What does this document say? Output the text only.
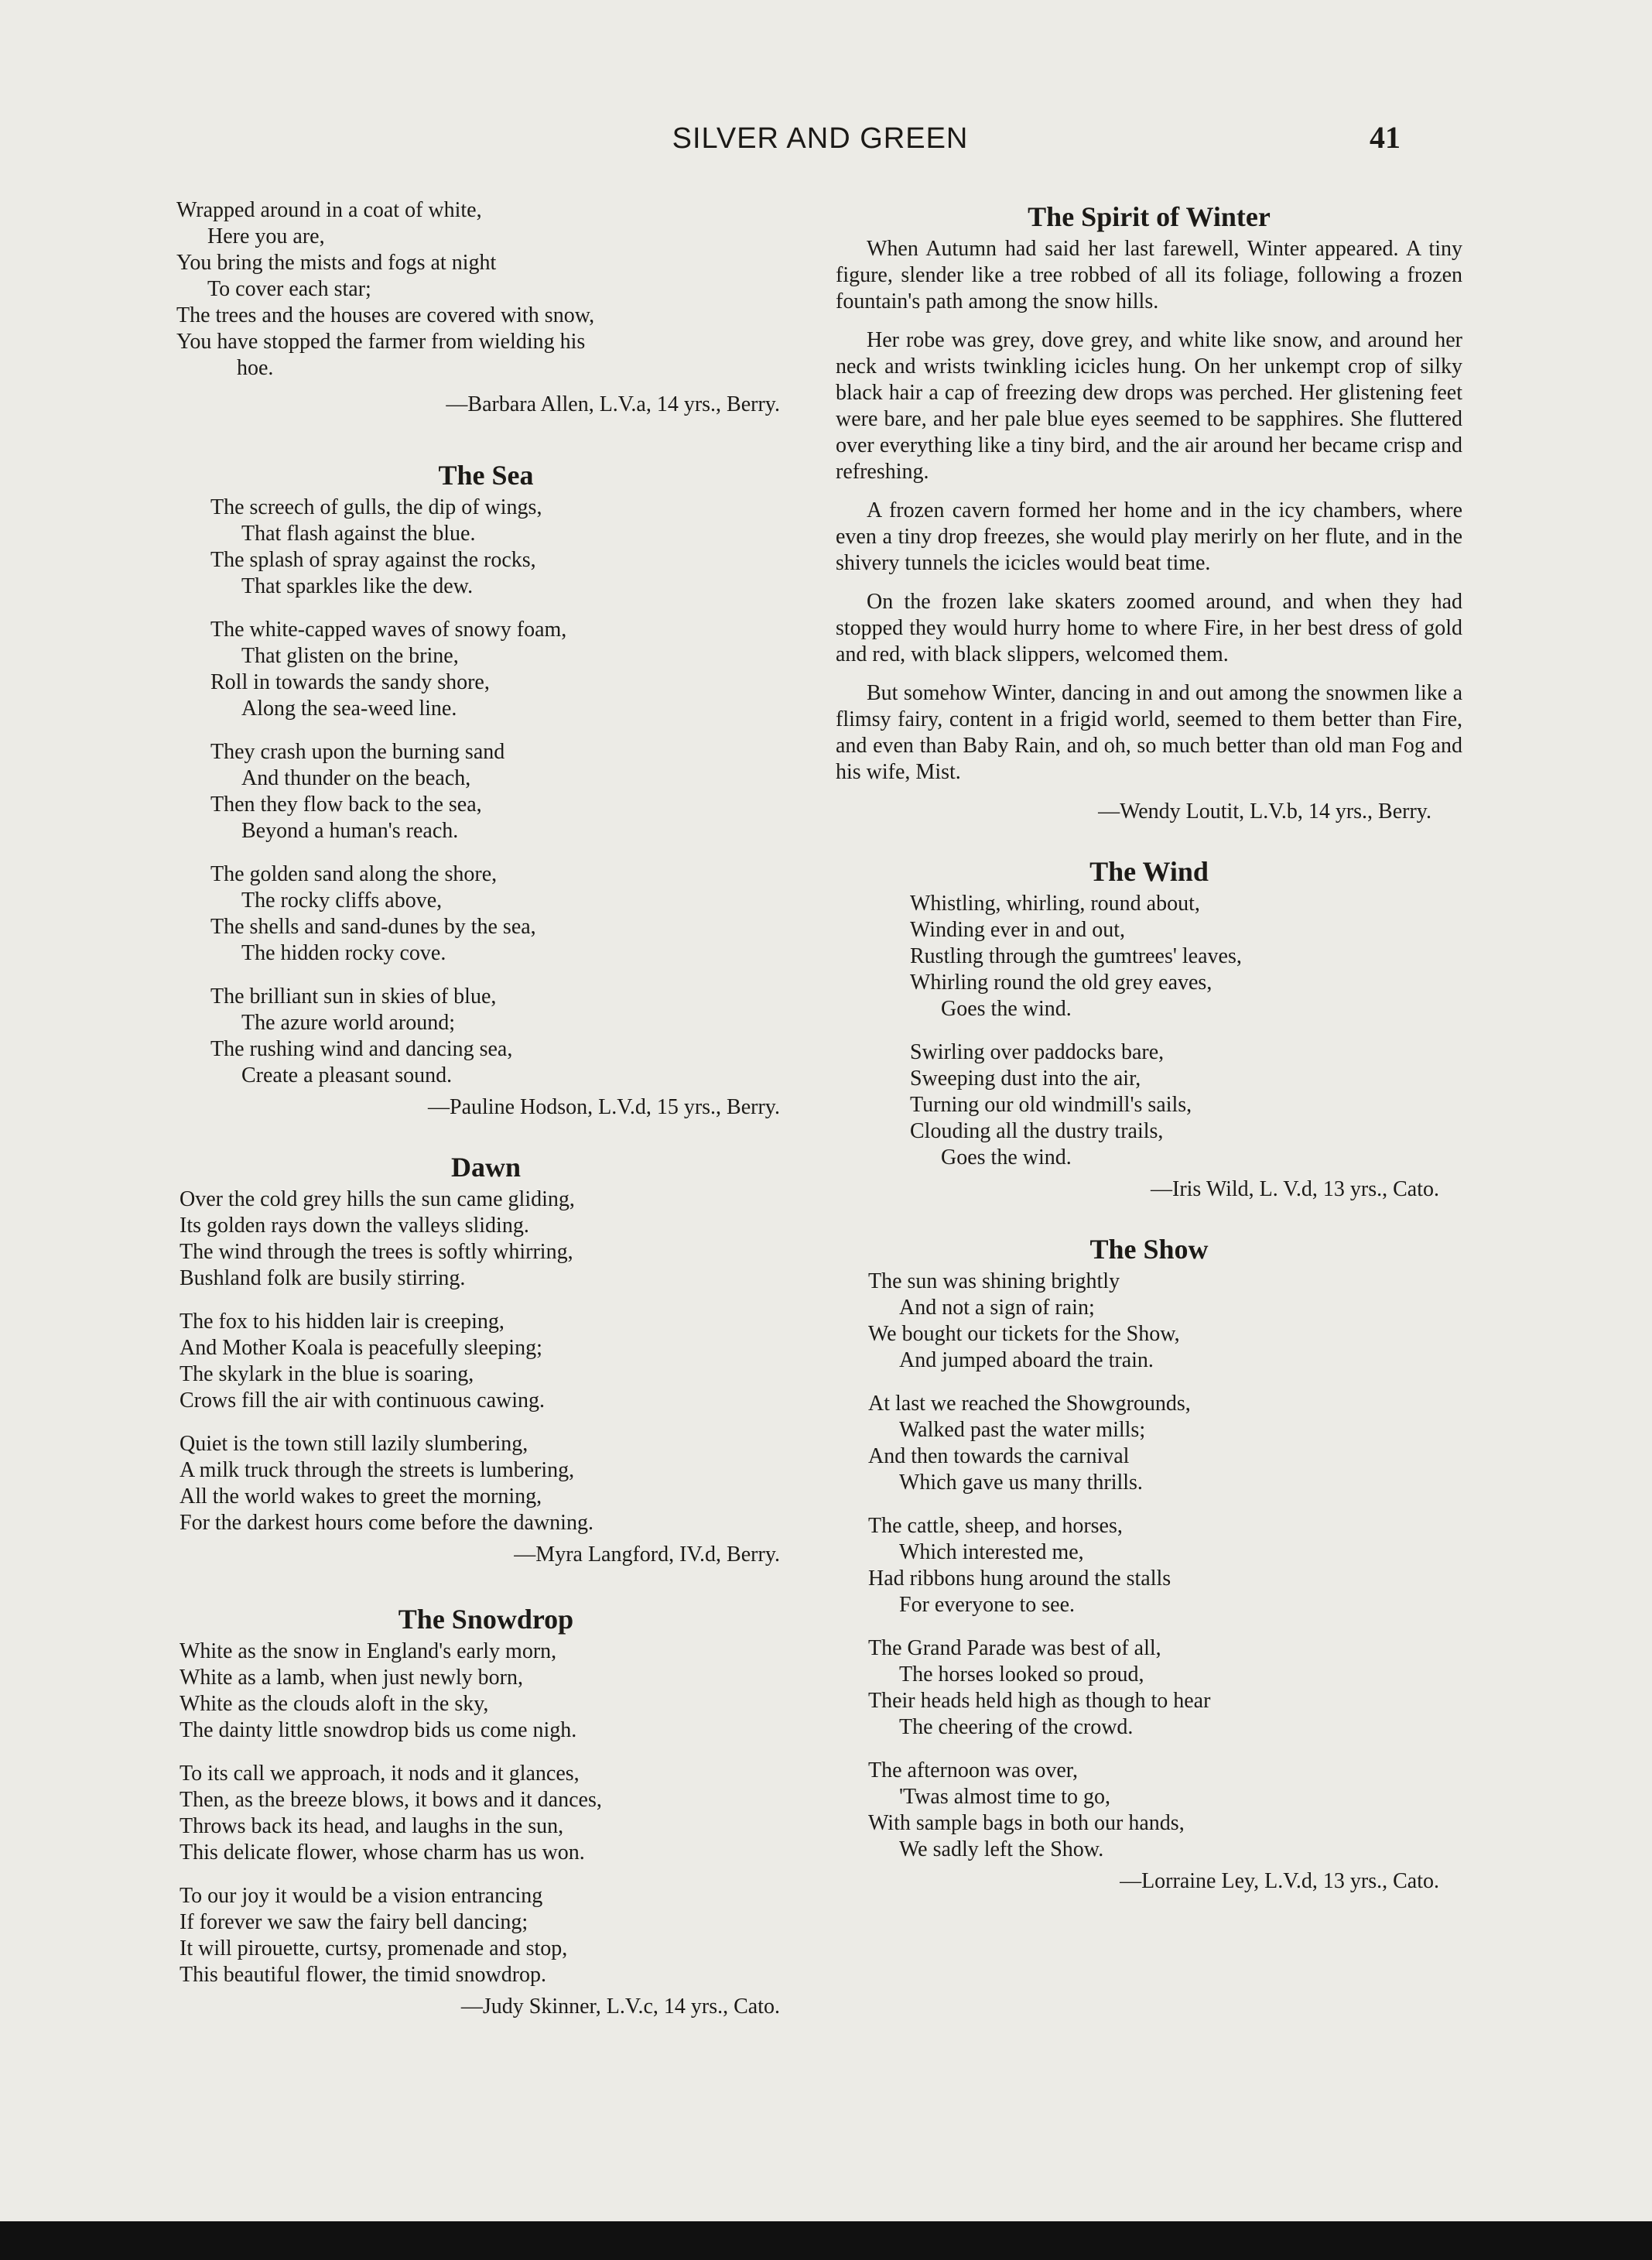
SILVER AND GREEN	41
Wrapped around in a coat of white,
Here you are,
You bring the mists and fogs at night
To cover each star;
The trees and the houses are covered with snow,
You have stopped the farmer from wielding his
hoe.

—Barbara Allen, L.V.a, 14 yrs., Berry.

The Sea
The screech of gulls, the dip of wings,
That flash against the blue.
The splash of spray against the rocks,
That sparkles like the dew.
The white-capped waves of snowy foam,
That glisten on the brine,
Roll in towards the sandy shore,
Along the sea-weed line.
They crash upon the burning sand
And thunder on the beach,
Then they flow back to the sea,
Beyond a human's reach.
The golden sand along the shore,
The rocky cliffs above,
The shells and sand-dunes by the sea,
The hidden rocky cove.
The brilliant sun in skies of blue,
The azure world around;
The rushing wind and dancing sea,
Create a pleasant sound.

—Pauline Hodson, L.V.d, 15 yrs., Berry.

Dawn
Over the cold grey hills the sun came gliding,
Its golden rays down the valleys sliding.
The wind through the trees is softly whirring,
Bushland folk are busily stirring.
The fox to his hidden lair is creeping,
And Mother Koala is peacefully sleeping;
The skylark in the blue is soaring,
Crows fill the air with continuous cawing.
Quiet is the town still lazily slumbering,
A milk truck through the streets is lumbering,
All the world wakes to greet the morning,
For the darkest hours come before the dawning.

—Myra Langford, IV.d, Berry.

The Snowdrop
White as the snow in England's early morn,
White as a lamb, when just newly born,
White as the clouds aloft in the sky,
The dainty little snowdrop bids us come nigh.
To its call we approach, it nods and it glances,
Then, as the breeze blows, it bows and it dances,
Throws back its head, and laughs in the sun,
This delicate flower, whose charm has us won.
To our joy it would be a vision entrancing
If forever we saw the fairy bell dancing;
It will pirouette, curtsy, promenade and stop,
This beautiful flower, the timid snowdrop.

—Judy Skinner, L.V.c, 14 yrs., Cato.

The Spirit of Winter

When Autumn had said her last farewell, Winter appeared. A tiny figure, slender like a tree robbed of all its foliage, following a frozen fountain's path among the snow hills.

Her robe was grey, dove grey, and white like snow, and around her neck and wrists twinkling icicles hung. On her unkempt crop of silky black hair a cap of freezing dew drops was perched. Her glistening feet were bare, and her pale blue eyes seemed to be sapphires. She fluttered over everything like a tiny bird, and the air around her became crisp and refreshing.

A frozen cavern formed her home and in the icy chambers, where even a tiny drop freezes, she would play merirly on her flute, and in the shivery tunnels the icicles would beat time.

On the frozen lake skaters zoomed around, and when they had stopped they would hurry home to where Fire, in her best dress of gold and red, with black slippers, welcomed them.

But somehow Winter, dancing in and out among the snowmen like a flimsy fairy, content in a frigid world, seemed to them better than Fire, and even than Baby Rain, and oh, so much better than old man Fog and his wife, Mist.

—Wendy Loutit, L.V.b, 14 yrs., Berry.

The Wind
Whistling, whirling, round about,
Winding ever in and out,
Rustling through the gumtrees' leaves,
Whirling round the old grey eaves,
Goes the wind.
Swirling over paddocks bare,
Sweeping dust into the air,
Turning our old windmill's sails,
Clouding all the dustry trails,
Goes the wind.

—Iris Wild, L. V.d, 13 yrs., Cato.

The Show
The sun was shining brightly
And not a sign of rain;
We bought our tickets for the Show,
And jumped aboard the train.
At last we reached the Showgrounds,
Walked past the water mills;
And then towards the carnival
Which gave us many thrills.
The cattle, sheep, and horses,
Which interested me,
Had ribbons hung around the stalls
For everyone to see.
The Grand Parade was best of all,
The horses looked so proud,
Their heads held high as though to hear
The cheering of the crowd.
The afternoon was over,
'Twas almost time to go,
With sample bags in both our hands,
We sadly left the Show.

—Lorraine Ley, L.V.d, 13 yrs., Cato.
